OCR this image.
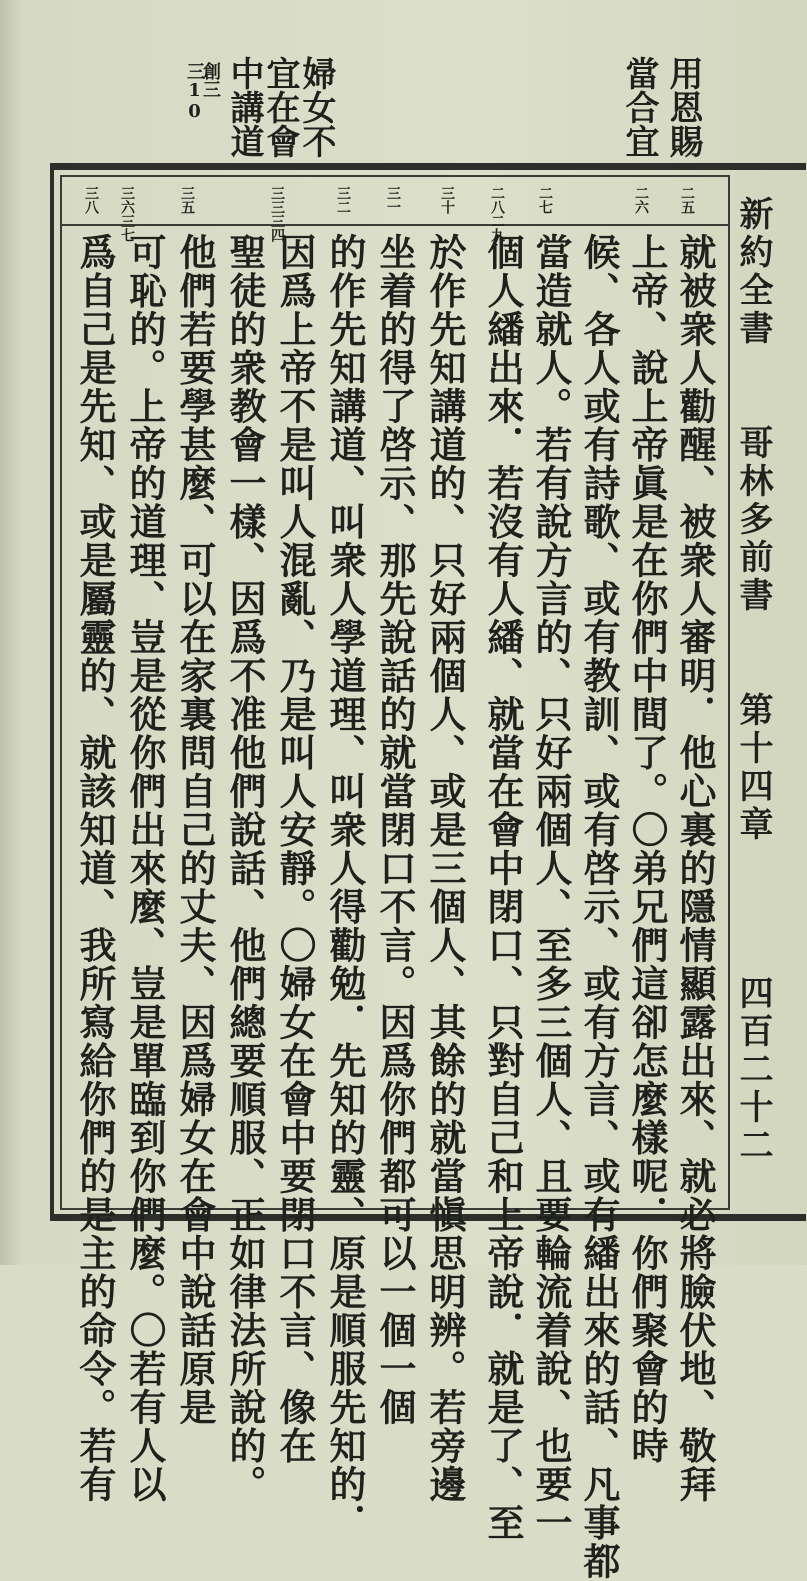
用恩賜
當合宜
婦女不
宜在會
中講道
創三
三10
二五
二六
二七
二八二九
三十
三一
三二
三三三四
三五
三六三七
三八	新約全書
哥林多前書
第十四章
四百二十二
就被衆人勸醒、被衆人審明．他心裏的隱情顯露出來、就必將臉伏地、敬拜
上帝、說上帝眞是在你們中間了。〇弟兄們這卻怎麼樣呢．你們聚會的時
候、各人或有詩歌、或有教訓、或有啓示、或有方言、或有繙出來的話、凡事都
當造就人。若有說方言的、只好兩個人、至多三個人、且要輪流着說、也要一
個人繙出來．若沒有人繙、就當在會中閉口、只對自己和上帝說．就是了、至
於作先知講道的、只好兩個人、或是三個人、其餘的就當愼思明辨。若旁邊
坐着的得了啓示、那先說話的就當閉口不言。因爲你們都可以一個一個
的作先知講道、叫衆人學道理、叫衆人得勸勉．先知的靈、原是順服先知的．
因爲上帝不是叫人混亂、乃是叫人安靜。〇婦女在會中要閉口不言、像在
聖徒的衆教會一樣、因爲不准他們說話、他們總要順服、正如律法所說的。
他們若要學甚麼、可以在家裏問自己的丈夫、因爲婦女在會中說話原是
可恥的。上帝的道理、豈是從你們出來麼、豈是單臨到你們麼。〇若有人以
爲自己是先知、或是屬靈的、就該知道、我所寫給你們的是主的命令。若有
